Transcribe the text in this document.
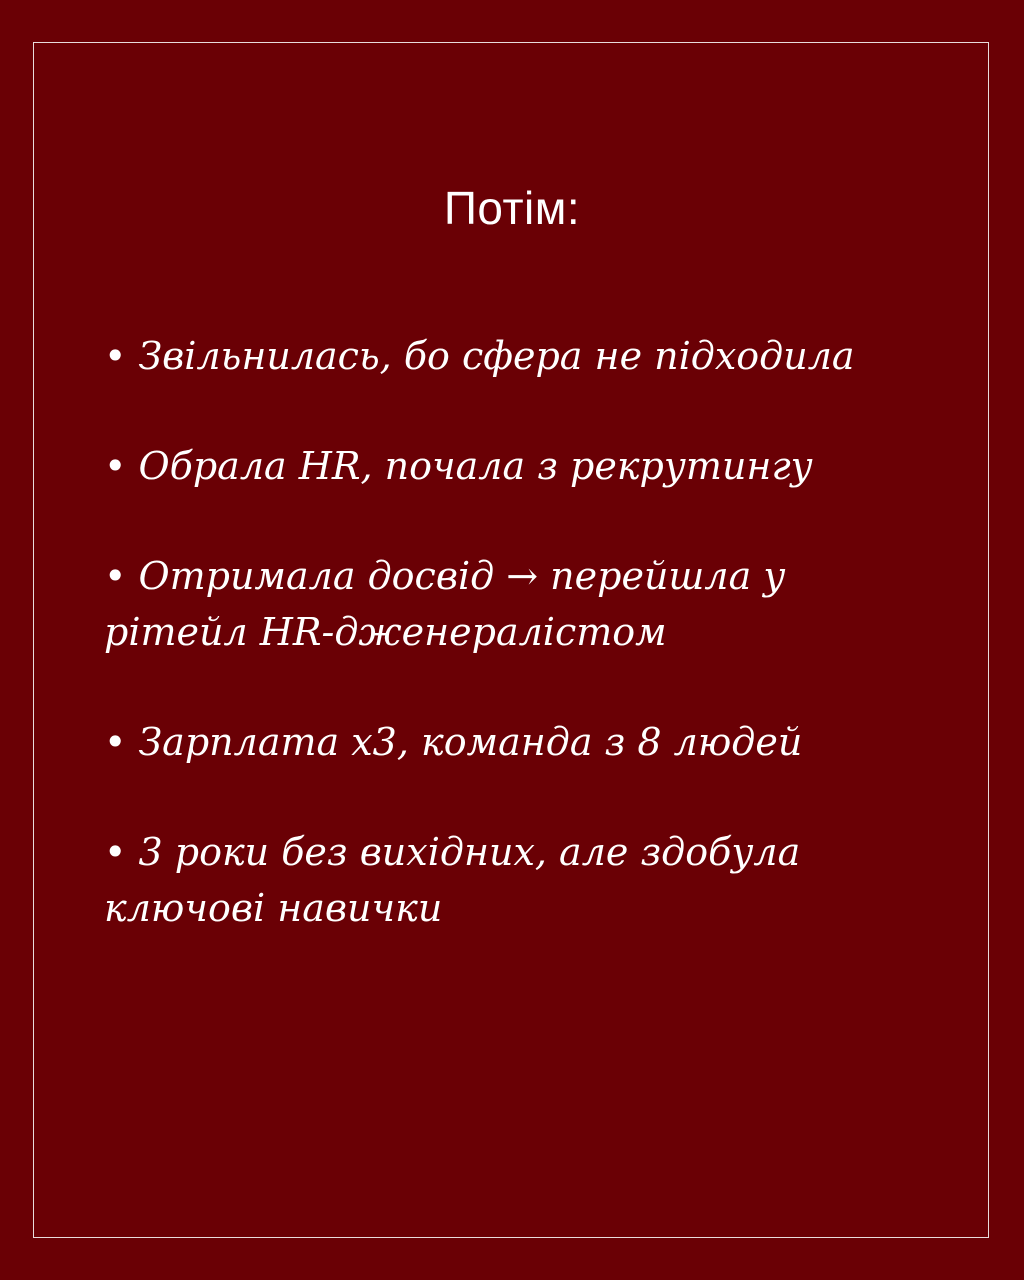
Потім:
• Звільнилась, бо сфера не підходила
• Обрала HR, почала з рекрутингу
• Отримала досвід → перейшла у рітейл HR-дженералістом
• Зарплата х3, команда з 8 людей
• 3 роки без вихідних, але здобула ключові навички
